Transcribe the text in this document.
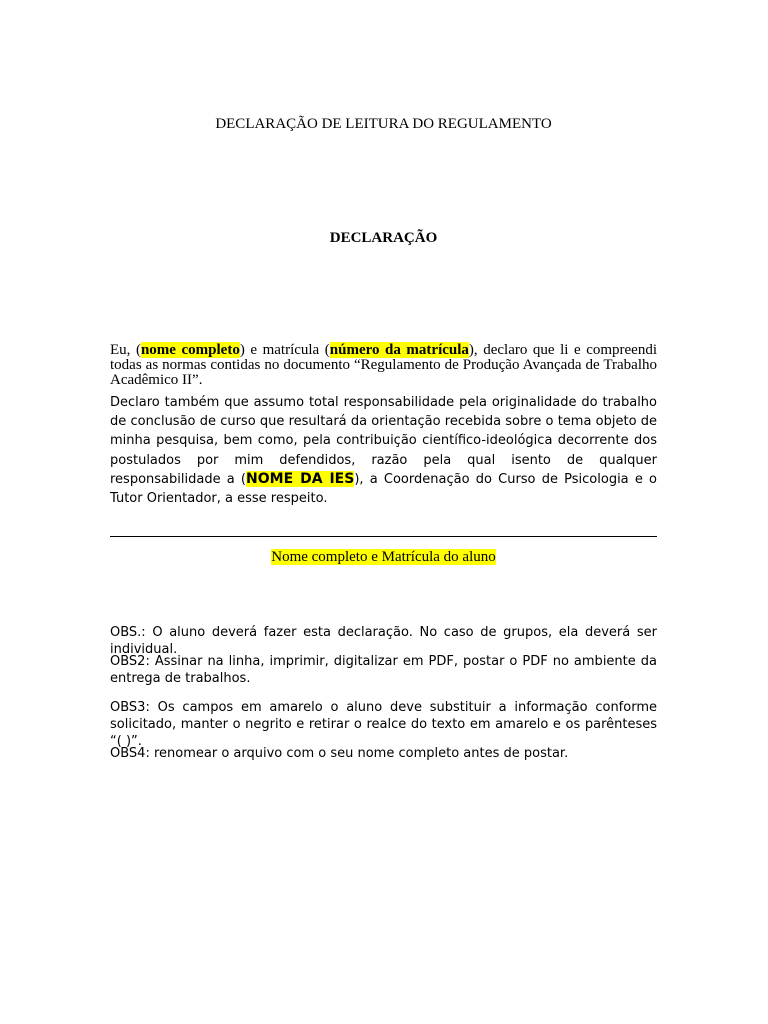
DECLARAÇÃO DE LEITURA DO REGULAMENTO
DECLARAÇÃO
Eu, (nome completo) e matrícula (número da matrícula), declaro que li e compreendi todas as normas contidas no documento “Regulamento de Produção Avançada de Trabalho Acadêmico II”.
Declaro também que assumo total responsabilidade pela originalidade do trabalho de conclusão de curso que resultará da orientação recebida sobre o tema objeto de minha pesquisa, bem como, pela contribuição científico-ideológica decorrente dos postulados por mim defendidos, razão pela qual isento de qualquer responsabilidade a (NOME DA IES), a Coordenação do Curso de Psicologia e o Tutor Orientador, a esse respeito.
Nome completo e Matrícula do aluno

OBS.: O aluno deverá fazer esta declaração. No caso de grupos, ela deverá ser individual.

OBS2: Assinar na linha, imprimir, digitalizar em PDF, postar o PDF no ambiente da entrega de trabalhos.

OBS3: Os campos em amarelo o aluno deve substituir a informação conforme solicitado, manter o negrito e retirar o realce do texto em amarelo e os parênteses “( )”.

OBS4: renomear o arquivo com o seu nome completo antes de postar.
